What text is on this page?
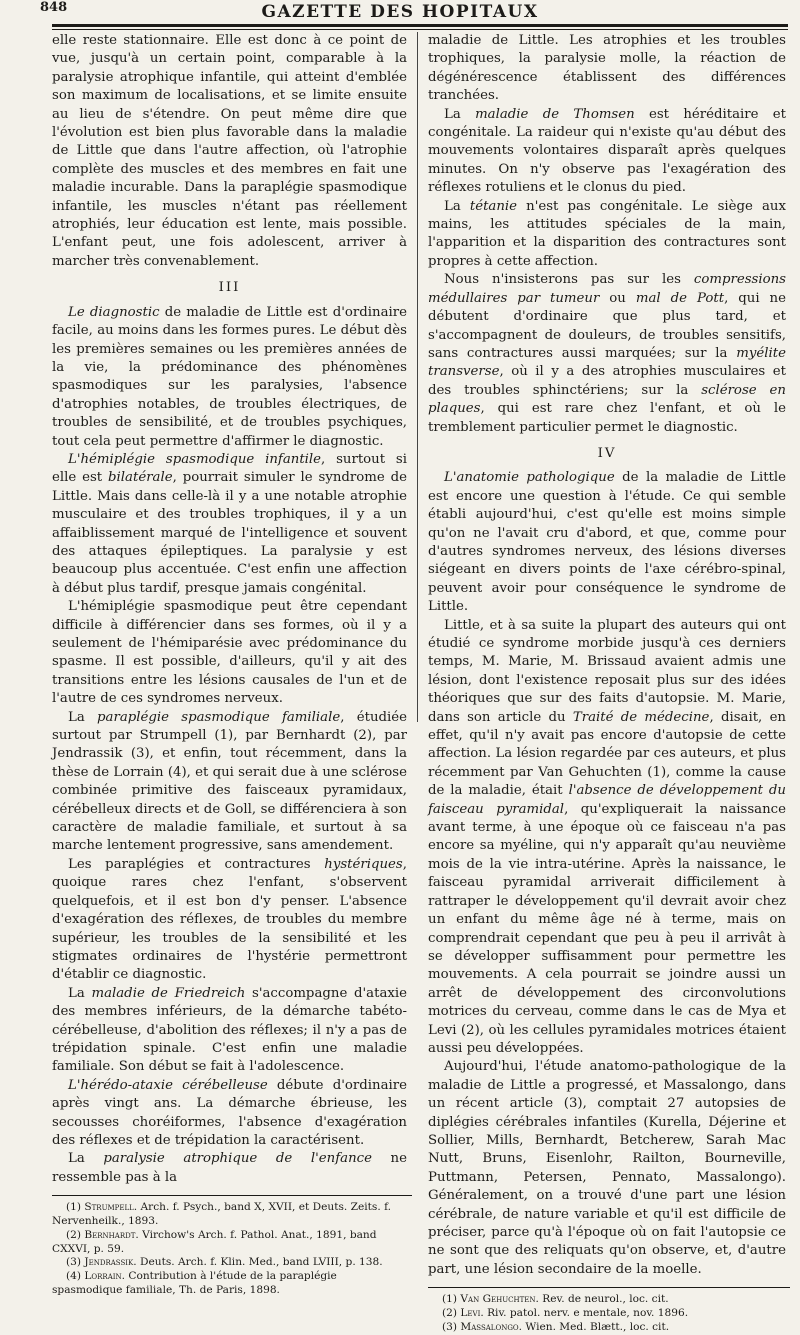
848	GAZETTE DES HOPITAUX

elle reste stationnaire. Elle est donc à ce point de vue, jusqu'à un certain point, comparable à la paralysie atrophique infantile, qui atteint d'emblée son maximum de localisations, et se limite ensuite au lieu de s'étendre. On peut même dire que l'évolution est bien plus favorable dans la maladie de Little que dans l'autre affection, où l'atrophie complète des muscles et des membres en fait une maladie incurable. Dans la paraplégie spasmodique infantile, les muscles n'étant pas réellement atrophiés, leur éducation est lente, mais possible. L'enfant peut, une fois adolescent, arriver à marcher très convenablement.

III

Le diagnostic de maladie de Little est d'ordinaire facile, au moins dans les formes pures. Le début dès les premières semaines ou les premières années de la vie, la prédominance des phénomènes spasmodiques sur les paralysies, l'absence d'atrophies notables, de troubles électriques, de troubles de sensibilité, et de troubles psychiques, tout cela peut permettre d'affirmer le diagnostic.

L'hémiplégie spasmodique infantile, surtout si elle est bilatérale, pourrait simuler le syndrome de Little. Mais dans celle-là il y a une notable atrophie musculaire et des troubles trophiques, il y a un affaiblissement marqué de l'intelligence et souvent des attaques épileptiques. La paralysie y est beaucoup plus accentuée. C'est enfin une affection à début plus tardif, presque jamais congénital.

L'hémiplégie spasmodique peut être cependant difficile à différencier dans ses formes, où il y a seulement de l'hémiparésie avec prédominance du spasme. Il est possible, d'ailleurs, qu'il y ait des transitions entre les lésions causales de l'un et de l'autre de ces syndromes nerveux.

La paraplégie spasmodique familiale, étudiée surtout par Strumpell (1), par Bernhardt (2), par Jendrassik (3), et enfin, tout récemment, dans la thèse de Lorrain (4), et qui serait due à une sclérose combinée primitive des faisceaux pyramidaux, cérébelleux directs et de Goll, se différenciera à son caractère de maladie familiale, et surtout à sa marche lentement progressive, sans amendement.

Les paraplégies et contractures hystériques, quoique rares chez l'enfant, s'observent quelquefois, et il est bon d'y penser. L'absence d'exagération des réflexes, de troubles du membre supérieur, les troubles de la sensibilité et les stigmates ordinaires de l'hystérie permettront d'établir ce diagnostic.

La maladie de Friedreich s'accompagne d'ataxie des membres inférieurs, de la démarche tabéto-cérébelleuse, d'abolition des réflexes; il n'y a pas de trépidation spinale. C'est enfin une maladie familiale. Son début se fait à l'adolescence.

L'hérédo-ataxie cérébelleuse débute d'ordinaire après vingt ans. La démarche ébrieuse, les secousses choréiformes, l'absence d'exagération des réflexes et de trépidation la caractérisent.

La paralysie atrophique de l'enfance ne ressemble pas à la

(1) Strumpell. Arch. f. Psych., band X, XVII, et Deuts. Zeits. f. Nervenheilk., 1893.
(2) Bernhardt. Virchow's Arch. f. Pathol. Anat., 1891, band CXXVI, p. 59.
(3) Jendrassik. Deuts. Arch. f. Klin. Med., band LVIII, p. 138.
(4) Lorrain. Contribution à l'étude de la paraplégie spasmodique familiale, Th. de Paris, 1898.

maladie de Little. Les atrophies et les troubles trophiques, la paralysie molle, la réaction de dégénérescence établissent des différences tranchées.

La maladie de Thomsen est héréditaire et congénitale. La raideur qui n'existe qu'au début des mouvements volontaires disparaît après quelques minutes. On n'y observe pas l'exagération des réflexes rotuliens et le clonus du pied.

La tétanie n'est pas congénitale. Le siège aux mains, les attitudes spéciales de la main, l'apparition et la disparition des contractures sont propres à cette affection.

Nous n'insisterons pas sur les compressions médullaires par tumeur ou mal de Pott, qui ne débutent d'ordinaire que plus tard, et s'accompagnent de douleurs, de troubles sensitifs, sans contractures aussi marquées; sur la myélite transverse, où il y a des atrophies musculaires et des troubles sphinctériens; sur la sclérose en plaques, qui est rare chez l'enfant, et où le tremblement particulier permet le diagnostic.

IV

L'anatomie pathologique de la maladie de Little est encore une question à l'étude. Ce qui semble établi aujourd'hui, c'est qu'elle est moins simple qu'on ne l'avait cru d'abord, et que, comme pour d'autres syndromes nerveux, des lésions diverses siégeant en divers points de l'axe cérébro-spinal, peuvent avoir pour conséquence le syndrome de Little.

Little, et à sa suite la plupart des auteurs qui ont étudié ce syndrome morbide jusqu'à ces derniers temps, M. Marie, M. Brissaud avaient admis une lésion, dont l'existence reposait plus sur des idées théoriques que sur des faits d'autopsie. M. Marie, dans son article du Traité de médecine, disait, en effet, qu'il n'y avait pas encore d'autopsie de cette affection. La lésion regardée par ces auteurs, et plus récemment par Van Gehuchten (1), comme la cause de la maladie, était l'absence de développement du faisceau pyramidal, qu'expliquerait la naissance avant terme, à une époque où ce faisceau n'a pas encore sa myéline, qui n'y apparaît qu'au neuvième mois de la vie intra-utérine. Après la naissance, le faisceau pyramidal arriverait difficilement à rattraper le développement qu'il devrait avoir chez un enfant du même âge né à terme, mais on comprendrait cependant que peu à peu il arrivât à se développer suffisamment pour permettre les mouvements. A cela pourrait se joindre aussi un arrêt de développement des circonvolutions motrices du cerveau, comme dans le cas de Mya et Levi (2), où les cellules pyramidales motrices étaient aussi peu développées.

Aujourd'hui, l'étude anatomo-pathologique de la maladie de Little a progressé, et Massalongo, dans un récent article (3), comptait 27 autopsies de diplégies cérébrales infantiles (Kurella, Déjerine et Sollier, Mills, Bernhardt, Betcherew, Sarah Mac Nutt, Bruns, Eisenlohr, Railton, Bourneville, Puttmann, Petersen, Pennato, Massalongo). Généralement, on a trouvé d'une part une lésion cérébrale, de nature variable et qu'il est difficile de préciser, parce qu'à l'époque où on fait l'autopsie ce ne sont que des reliquats qu'on observe, et, d'autre part, une lésion secondaire de la moelle.

(1) Van Gehuchten. Rev. de neurol., loc. cit.
(2) Levi. Riv. patol. nerv. e mentale, nov. 1896.
(3) Massalongo. Wien. Med. Blætt., loc. cit.
